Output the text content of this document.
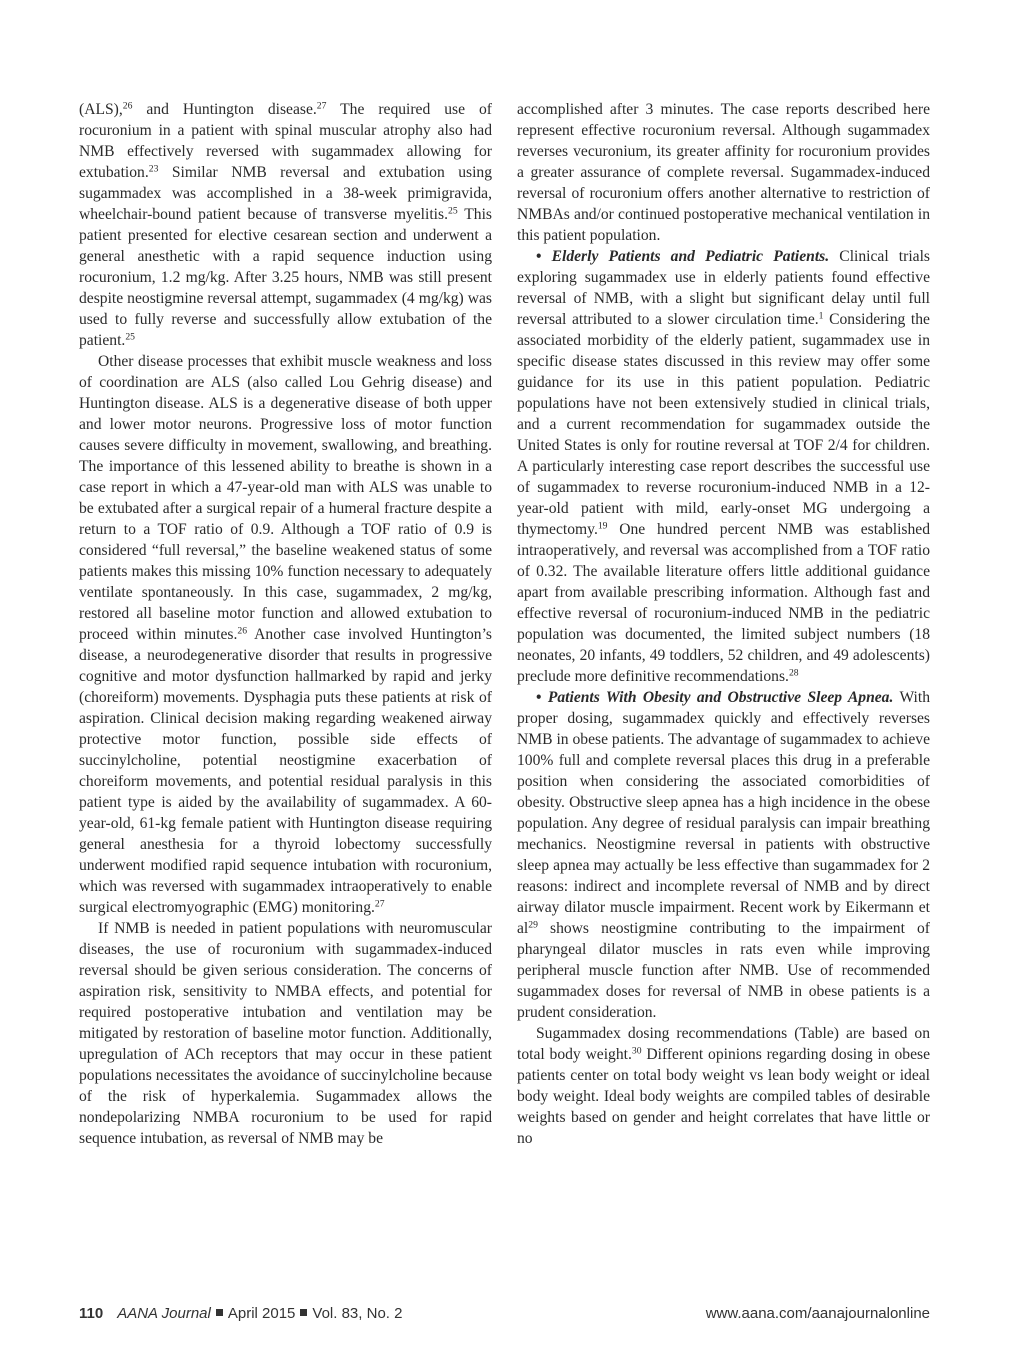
(ALS),$^{26}$ and Huntington disease.$^{27}$ The required use of rocuronium in a patient with spinal muscular atrophy also had NMB effectively reversed with sugammadex allowing for extubation.$^{23}$ Similar NMB reversal and extubation using sugammadex was accomplished in a 38-week primigravida, wheelchair-bound patient because of transverse myelitis.$^{25}$ This patient presented for elective cesarean section and underwent a general anesthetic with a rapid sequence induction using rocuronium, 1.2 mg/kg. After 3.25 hours, NMB was still present despite neostigmine reversal attempt, sugammadex (4 mg/kg) was used to fully reverse and successfully allow extubation of the patient.$^{25}$

Other disease processes that exhibit muscle weakness and loss of coordination are ALS (also called Lou Gehrig disease) and Huntington disease. ALS is a degenerative disease of both upper and lower motor neurons. Progressive loss of motor function causes severe difficulty in movement, swallowing, and breathing. The importance of this lessened ability to breathe is shown in a case report in which a 47-year-old man with ALS was unable to be extubated after a surgical repair of a humeral fracture despite a return to a TOF ratio of 0.9. Although a TOF ratio of 0.9 is considered “full reversal,” the baseline weakened status of some patients makes this missing 10% function necessary to adequately ventilate spontaneously. In this case, sugammadex, 2 mg/kg, restored all baseline motor function and allowed extubation to proceed within minutes.$^{26}$ Another case involved Huntington’s disease, a neurodegenerative disorder that results in progressive cognitive and motor dysfunction hallmarked by rapid and jerky (choreiform) movements. Dysphagia puts these patients at risk of aspiration. Clinical decision making regarding weakened airway protective motor function, possible side effects of succinylcholine, potential neostigmine exacerbation of choreiform movements, and potential residual paralysis in this patient type is aided by the availability of sugammadex. A 60-year-old, 61-kg female patient with Huntington disease requiring general anesthesia for a thyroid lobectomy successfully underwent modified rapid sequence intubation with rocuronium, which was reversed with sugammadex intraoperatively to enable surgical electromyographic (EMG) monitoring.$^{27}$

If NMB is needed in patient populations with neuromuscular diseases, the use of rocuronium with sugammadex-induced reversal should be given serious consideration. The concerns of aspiration risk, sensitivity to NMBA effects, and potential for required postoperative intubation and ventilation may be mitigated by restoration of baseline motor function. Additionally, upregulation of ACh receptors that may occur in these patient populations necessitates the avoidance of succinylcholine because of the risk of hyperkalemia. Sugammadex allows the nondepolarizing NMBA rocuronium to be used for rapid sequence intubation, as reversal of NMB may be

accomplished after 3 minutes. The case reports described here represent effective rocuronium reversal. Although sugammadex reverses vecuronium, its greater affinity for rocuronium provides a greater assurance of complete reversal. Sugammadex-induced reversal of rocuronium offers another alternative to restriction of NMBAs and/or continued postoperative mechanical ventilation in this patient population.

• Elderly Patients and Pediatric Patients. Clinical trials exploring sugammadex use in elderly patients found effective reversal of NMB, with a slight but significant delay until full reversal attributed to a slower circulation time.$^1$ Considering the associated morbidity of the elderly patient, sugammadex use in specific disease states discussed in this review may offer some guidance for its use in this patient population. Pediatric populations have not been extensively studied in clinical trials, and a current recommendation for sugammadex outside the United States is only for routine reversal at TOF 2/4 for children. A particularly interesting case report describes the successful use of sugammadex to reverse rocuronium-induced NMB in a 12-year-old patient with mild, early-onset MG undergoing a thymectomy.$^{19}$ One hundred percent NMB was established intraoperatively, and reversal was accomplished from a TOF ratio of 0.32. The available literature offers little additional guidance apart from available prescribing information. Although fast and effective reversal of rocuronium-induced NMB in the pediatric population was documented, the limited subject numbers (18 neonates, 20 infants, 49 toddlers, 52 children, and 49 adolescents) preclude more definitive recommendations.$^{28}$

• Patients With Obesity and Obstructive Sleep Apnea. With proper dosing, sugammadex quickly and effectively reverses NMB in obese patients. The advantage of sugammadex to achieve 100% full and complete reversal places this drug in a preferable position when considering the associated comorbidities of obesity. Obstructive sleep apnea has a high incidence in the obese population. Any degree of residual paralysis can impair breathing mechanics. Neostigmine reversal in patients with obstructive sleep apnea may actually be less effective than sugammadex for 2 reasons: indirect and incomplete reversal of NMB and by direct airway dilator muscle impairment. Recent work by Eikermann et $al^{29}$ shows neostigmine contributing to the impairment of pharyngeal dilator muscles in rats even while improving peripheral muscle function after NMB. Use of recommended sugammadex doses for reversal of NMB in obese patients is a prudent consideration.

Sugammadex dosing recommendations (Table) are based on total body weight.$^{30}$ Different opinions regarding dosing in obese patients center on total body weight vs lean body weight or ideal body weight. Ideal body weights are compiled tables of desirable weights based on gender and height correlates that have little or no

110 AANA Journal April 2015 Vol. 83, No. 2	www.aana.com/aanajournalonline
